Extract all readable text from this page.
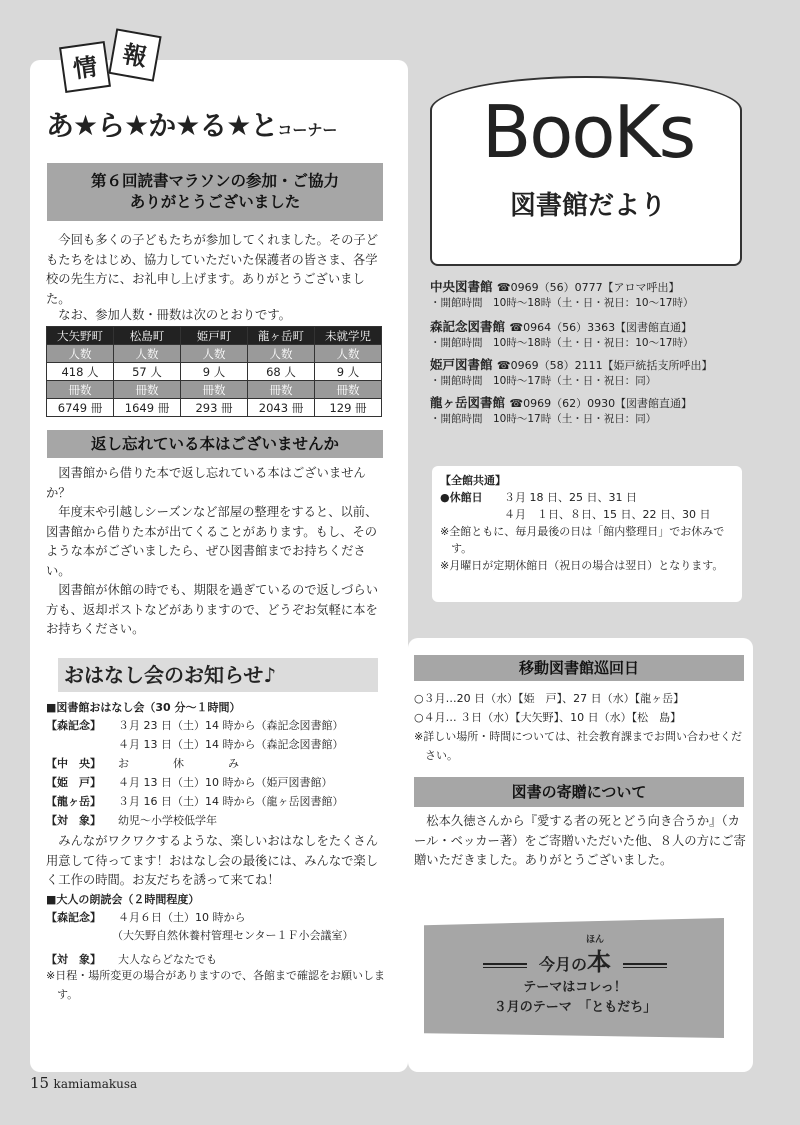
★
★
★
情 報
あ★ら★か★る★とコーナー
第６回読書マラソンの参加・ご協力
ありがとうございました
今回も多くの子どもたちが参加してくれました。その子どもたちをはじめ、協力していただいた保護者の皆さま、各学校の先生方に、お礼申し上げます。ありがとうございました。
なお、参加人数・冊数は次のとおりです。
大矢野町	松島町	姫戸町	龍ヶ岳町	未就学児
人数	人数	人数	人数	人数
418 人	57 人	9 人	68 人	9 人
冊数	冊数	冊数	冊数	冊数
6749 冊	1649 冊	293 冊	2043 冊	129 冊
返し忘れている本はございませんか
図書館から借りた本で返し忘れている本はございませんか？
年度末や引越しシーズンなど部屋の整理をすると、以前、図書館から借りた本が出てくることがあります。もし、そのような本がございましたら、ぜひ図書館までお持ちください。
図書館が休館の時でも、期限を過ぎているので返しづらい方も、返却ポストなどがありますので、どうぞお気軽に本をお持ちください。
おはなし会のお知らせ♪
■図書館おはなし会（30 分～１時間）
【森記念】 ３月 23 日（土）14 時から（森記念図書館）
４月 13 日（土）14 時から（森記念図書館）
【中　央】 お　　　　休　　　　み
【姫　戸】 ４月 13 日（土）10 時から（姫戸図書館）
【龍ヶ岳】 ３月 16 日（土）14 時から（龍ヶ岳図書館）
【対　象】 幼児～小学校低学年
みんながワクワクするような、楽しいおはなしをたくさん用意して待ってます！おはなし会の最後には、みんなで楽しく工作の時間。お友だちを誘って来てね！
■大人の朗読会（２時間程度）
【森記念】 ４月６日（土）10 時から
（大矢野自然休養村管理センター１Ｆ小会議室）
【対　象】 大人ならどなたでも
※日程・場所変更の場合がありますので、各館まで確認をお願いします。
BooKs
図書館だより
中央図書館 ☎0969（56）0777【アロマ呼出】
・開館時間　10時～18時（土・日・祝日：10～17時）
森記念図書館 ☎0964（56）3363【図書館直通】
・開館時間　10時～18時（土・日・祝日：10～17時）
姫戸図書館 ☎0969（58）2111【姫戸統括支所呼出】
・開館時間　10時～17時（土・日・祝日：同）
龍ヶ岳図書館 ☎0969（62）0930【図書館直通】
・開館時間　10時～17時（土・日・祝日：同）
【全館共通】
●休館日	３月 18 日、25 日、31 日
４月　１日、８日、15 日、22 日、30 日
※全館ともに、毎月最後の日は「館内整理日」でお休みです。
※月曜日が定期休館日（祝日の場合は翌日）となります。
移動図書館巡回日
○３月…20 日（水）【姫　戸】、27 日（水）【龍ヶ岳】
○４月… ３日（水）【大矢野】、10 日（水）【松　島】
※詳しい場所・時間については、社会教育課までお問い合わせください。
図書の寄贈について
松本久徳さんから『愛する者の死とどう向き合うか』（カール・ベッカー著）をご寄贈いただいた他、８人の方にご寄贈いただきました。ありがとうございました。
ほん
今月の本
テーマはコレっ！
３月のテーマ　「ともだち」
15 kamiamakusa
